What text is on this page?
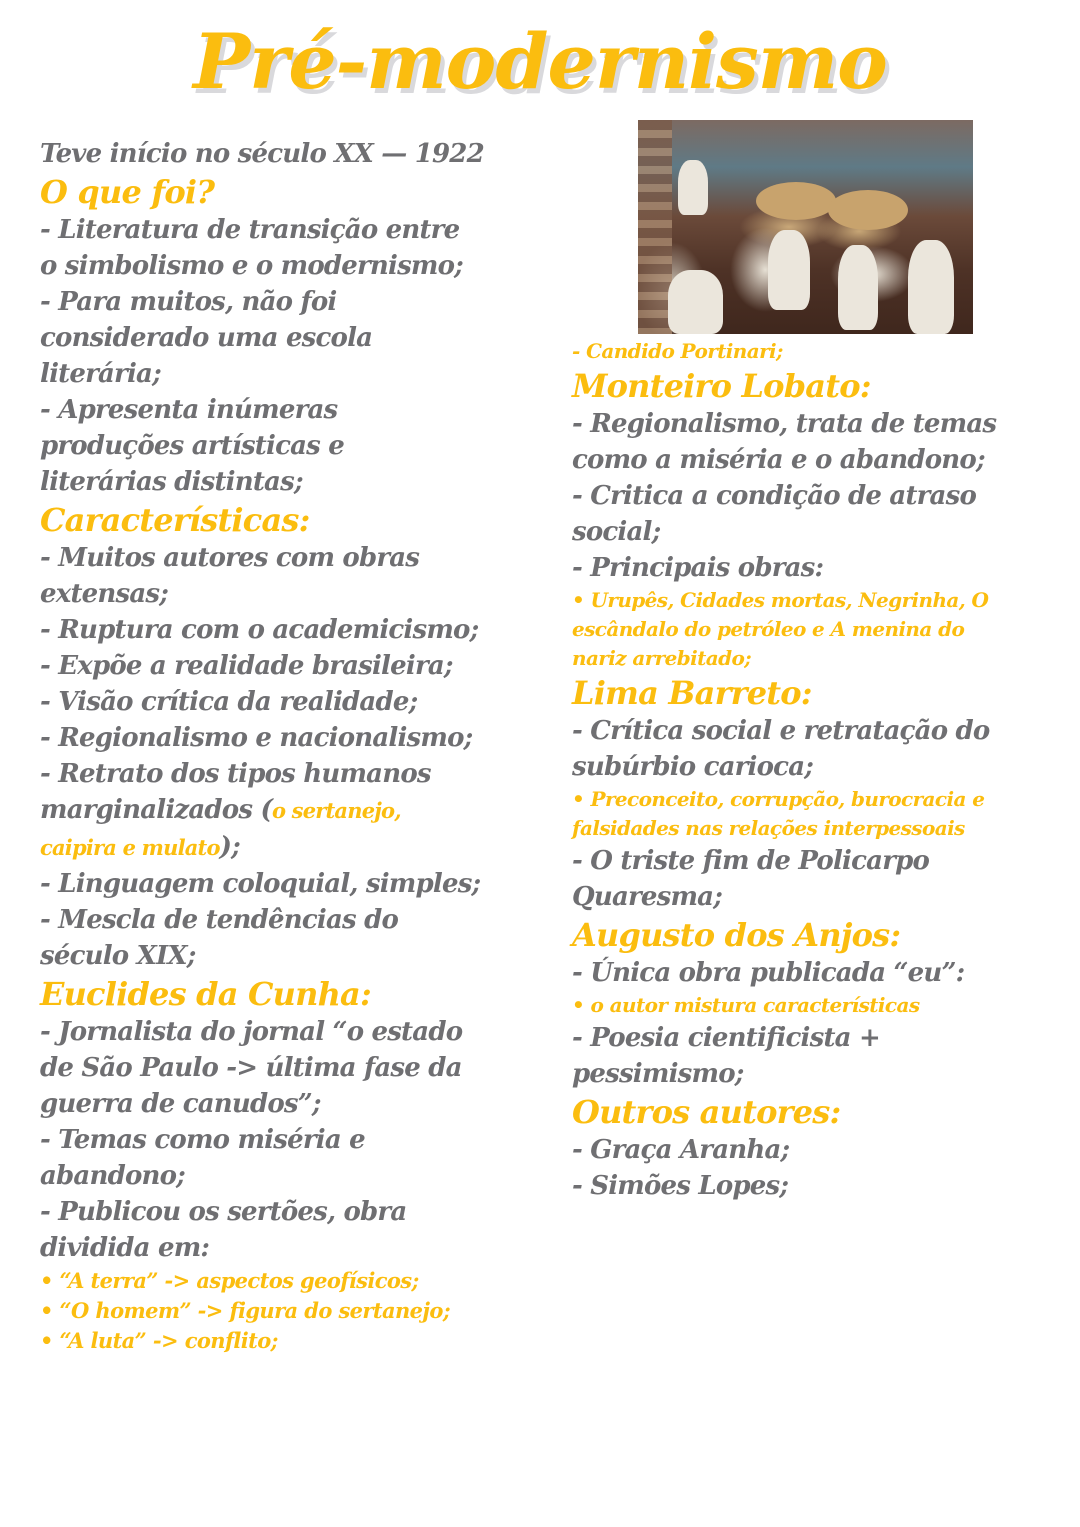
Pré-modernismo
Teve início no século XX — 1922
O que foi?
- Literatura de transição entre
o simbolismo e o modernismo;
- Para muitos, não foi
considerado uma escola
literária;
- Apresenta inúmeras
produções artísticas e
literárias distintas;
Características:
- Muitos autores com obras
extensas;
- Ruptura com o academicismo;
- Expõe a realidade brasileira;
- Visão crítica da realidade;
- Regionalismo e nacionalismo;
- Retrato dos tipos humanos
marginalizados (o sertanejo,
caipira e mulato);
- Linguagem coloquial, simples;
- Mescla de tendências do
século XIX;
Euclides da Cunha:
- Jornalista do jornal “o estado
de São Paulo -> última fase da
guerra de canudos”;
- Temas como miséria e
abandono;
- Publicou os sertões, obra
dividida em:
• “A terra” -> aspectos geofísicos;
• “O homem” -> figura do sertanejo;
• “A luta” -> conflito;
- Candido Portinari;
Monteiro Lobato:
- Regionalismo, trata de temas
como a miséria e o abandono;
- Critica a condição de atraso
social;
- Principais obras:
• Urupês, Cidades mortas, Negrinha, O
escândalo do petróleo e A menina do
nariz arrebitado;
Lima Barreto:
- Crítica social e retratação do
subúrbio carioca;
• Preconceito, corrupção, burocracia e
falsidades nas relações interpessoais
- O triste fim de Policarpo
Quaresma;
Augusto dos Anjos:
- Única obra publicada “eu”:
• o autor mistura características
- Poesia cientificista +
pessimismo;
Outros autores:
- Graça Aranha;
- Simões Lopes;
